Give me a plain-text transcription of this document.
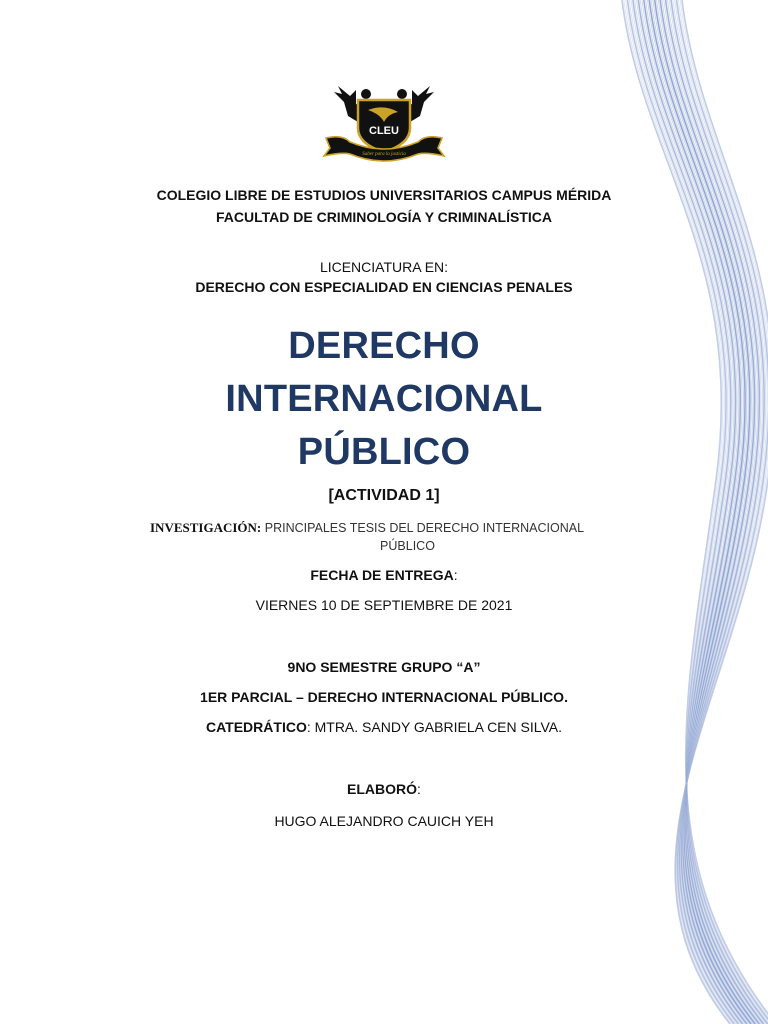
CLEU
Saber para la justicia
COLEGIO LIBRE DE ESTUDIOS UNIVERSITARIOS CAMPUS MÉRIDA
FACULTAD DE CRIMINOLOGÍA Y CRIMINALÍSTICA
LICENCIATURA EN:
DERECHO CON ESPECIALIDAD EN CIENCIAS PENALES
DERECHO
INTERNACIONAL
PÚBLICO
[ACTIVIDAD 1]
INVESTIGACIÓN: PRINCIPALES TESIS DEL DERECHO INTERNACIONAL
PÚBLICO
FECHA DE ENTREGA:
VIERNES 10 DE SEPTIEMBRE DE 2021
9NO SEMESTRE GRUPO “A”
1ER PARCIAL – DERECHO INTERNACIONAL PÚBLICO.
CATEDRÁTICO: MTRA. SANDY GABRIELA CEN SILVA.
ELABORÓ:
HUGO ALEJANDRO CAUICH YEH
